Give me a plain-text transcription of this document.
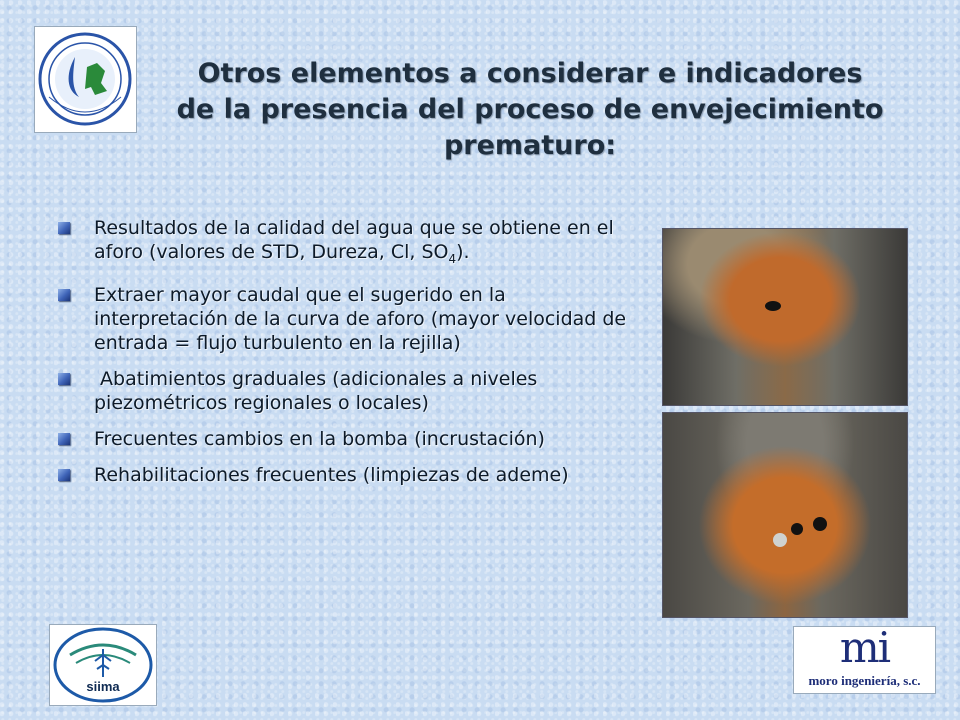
Otros elementos a considerar e indicadores de la presencia del proceso de envejecimiento prematuro:
Resultados de la calidad del agua que se obtiene en el aforo (valores de STD, Dureza, Cl, $SO_4$).
Extraer mayor caudal que el sugerido en la interpretación de la curva de aforo (mayor velocidad de entrada = flujo turbulento en la rejilla)
Abatimientos graduales (adicionales a niveles piezométricos regionales o locales)
Frecuentes cambios en la bomba (incrustación)
Rehabilitaciones frecuentes (limpiezas de ademe)
siima
mi
moro ingeniería, s.c.
